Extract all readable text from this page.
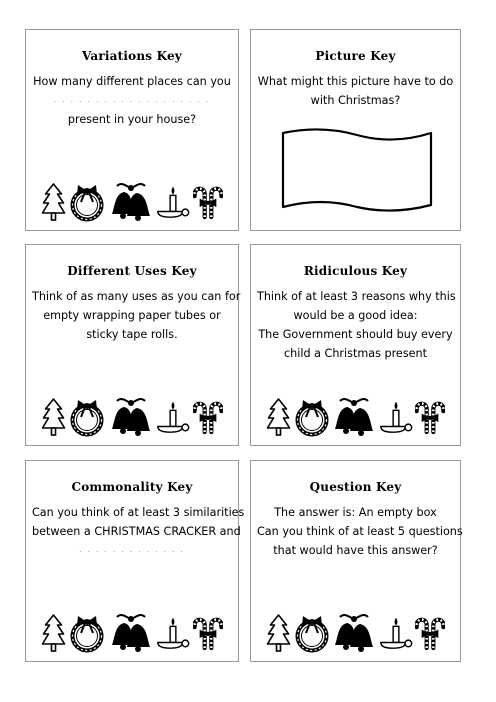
Variations Key
How many different places can you
. . . . . . . . . . . . . . . . . . .
present in your house?
Picture Key
What might this picture have to do
with Christmas?
Different Uses Key
Think of as many uses as you can for
empty wrapping paper tubes or
sticky tape rolls.
Ridiculous Key
Think of at least 3 reasons why this
would be a good idea:
The Government should buy every
child a Christmas present
Commonality Key
Can you think of at least 3 similarities
between a CHRISTMAS CRACKER and
. . . . . . . . . . . . .
Question Key
The answer is: An empty box
Can you think of at least 5 questions
that would have this answer?
